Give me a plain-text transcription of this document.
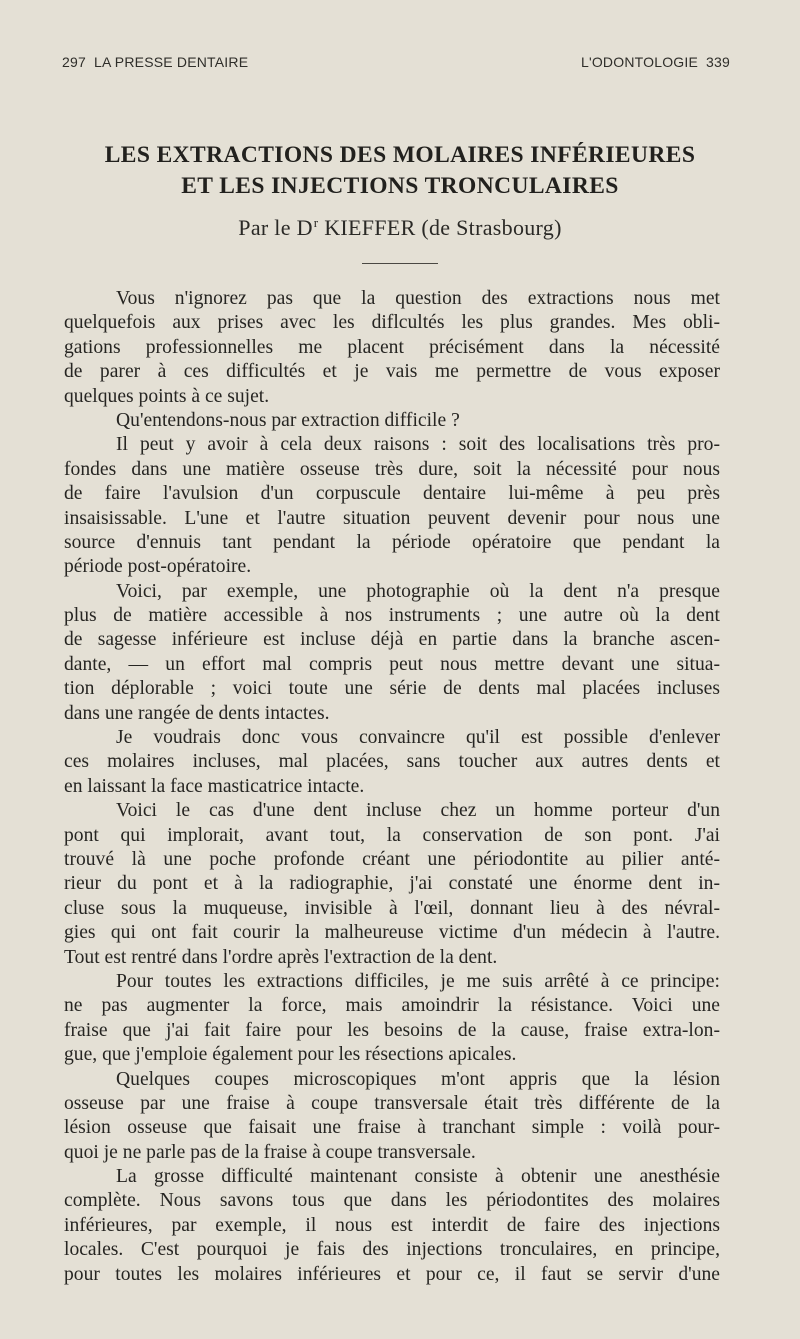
297 LA PRESSE DENTAIRE	L'ODONTOLOGIE 339
LES EXTRACTIONS DES MOLAIRES INFÉRIEURES
ET LES INJECTIONS TRONCULAIRES
Par le $D^r$ KIEFFER (de Strasbourg)
Vous n'ignorez pas que la question des extractions nous met
quelquefois aux prises avec les diflcultés les plus grandes. Mes obli-
gations professionnelles me placent précisément dans la nécessité
de parer à ces difficultés et je vais me permettre de vous exposer
quelques points à ce sujet.
Qu'entendons-nous par extraction difficile ?
Il peut y avoir à cela deux raisons : soit des localisations très pro-
fondes dans une matière osseuse très dure, soit la nécessité pour nous
de faire l'avulsion d'un corpuscule dentaire lui-même à peu près
insaisissable. L'une et l'autre situation peuvent devenir pour nous une
source d'ennuis tant pendant la période opératoire que pendant la
période post-opératoire.
Voici, par exemple, une photographie où la dent n'a presque
plus de matière accessible à nos instruments ; une autre où la dent
de sagesse inférieure est incluse déjà en partie dans la branche ascen-
dante, — un effort mal compris peut nous mettre devant une situa-
tion déplorable ; voici toute une série de dents mal placées incluses
dans une rangée de dents intactes.
Je voudrais donc vous convaincre qu'il est possible d'enlever
ces molaires incluses, mal placées, sans toucher aux autres dents et
en laissant la face masticatrice intacte.
Voici le cas d'une dent incluse chez un homme porteur d'un
pont qui implorait, avant tout, la conservation de son pont. J'ai
trouvé là une poche profonde créant une périodontite au pilier anté-
rieur du pont et à la radiographie, j'ai constaté une énorme dent in-
cluse sous la muqueuse, invisible à l'œil, donnant lieu à des névral-
gies qui ont fait courir la malheureuse victime d'un médecin à l'autre.
Tout est rentré dans l'ordre après l'extraction de la dent.
Pour toutes les extractions difficiles, je me suis arrêté à ce principe:
ne pas augmenter la force, mais amoindrir la résistance. Voici une
fraise que j'ai fait faire pour les besoins de la cause, fraise extra-lon-
gue, que j'emploie également pour les résections apicales.
Quelques coupes microscopiques m'ont appris que la lésion
osseuse par une fraise à coupe transversale était très différente de la
lésion osseuse que faisait une fraise à tranchant simple : voilà pour-
quoi je ne parle pas de la fraise à coupe transversale.
La grosse difficulté maintenant consiste à obtenir une anesthésie
complète. Nous savons tous que dans les périodontites des molaires
inférieures, par exemple, il nous est interdit de faire des injections
locales. C'est pourquoi je fais des injections tronculaires, en principe,
pour toutes les molaires inférieures et pour ce, il faut se servir d'une
